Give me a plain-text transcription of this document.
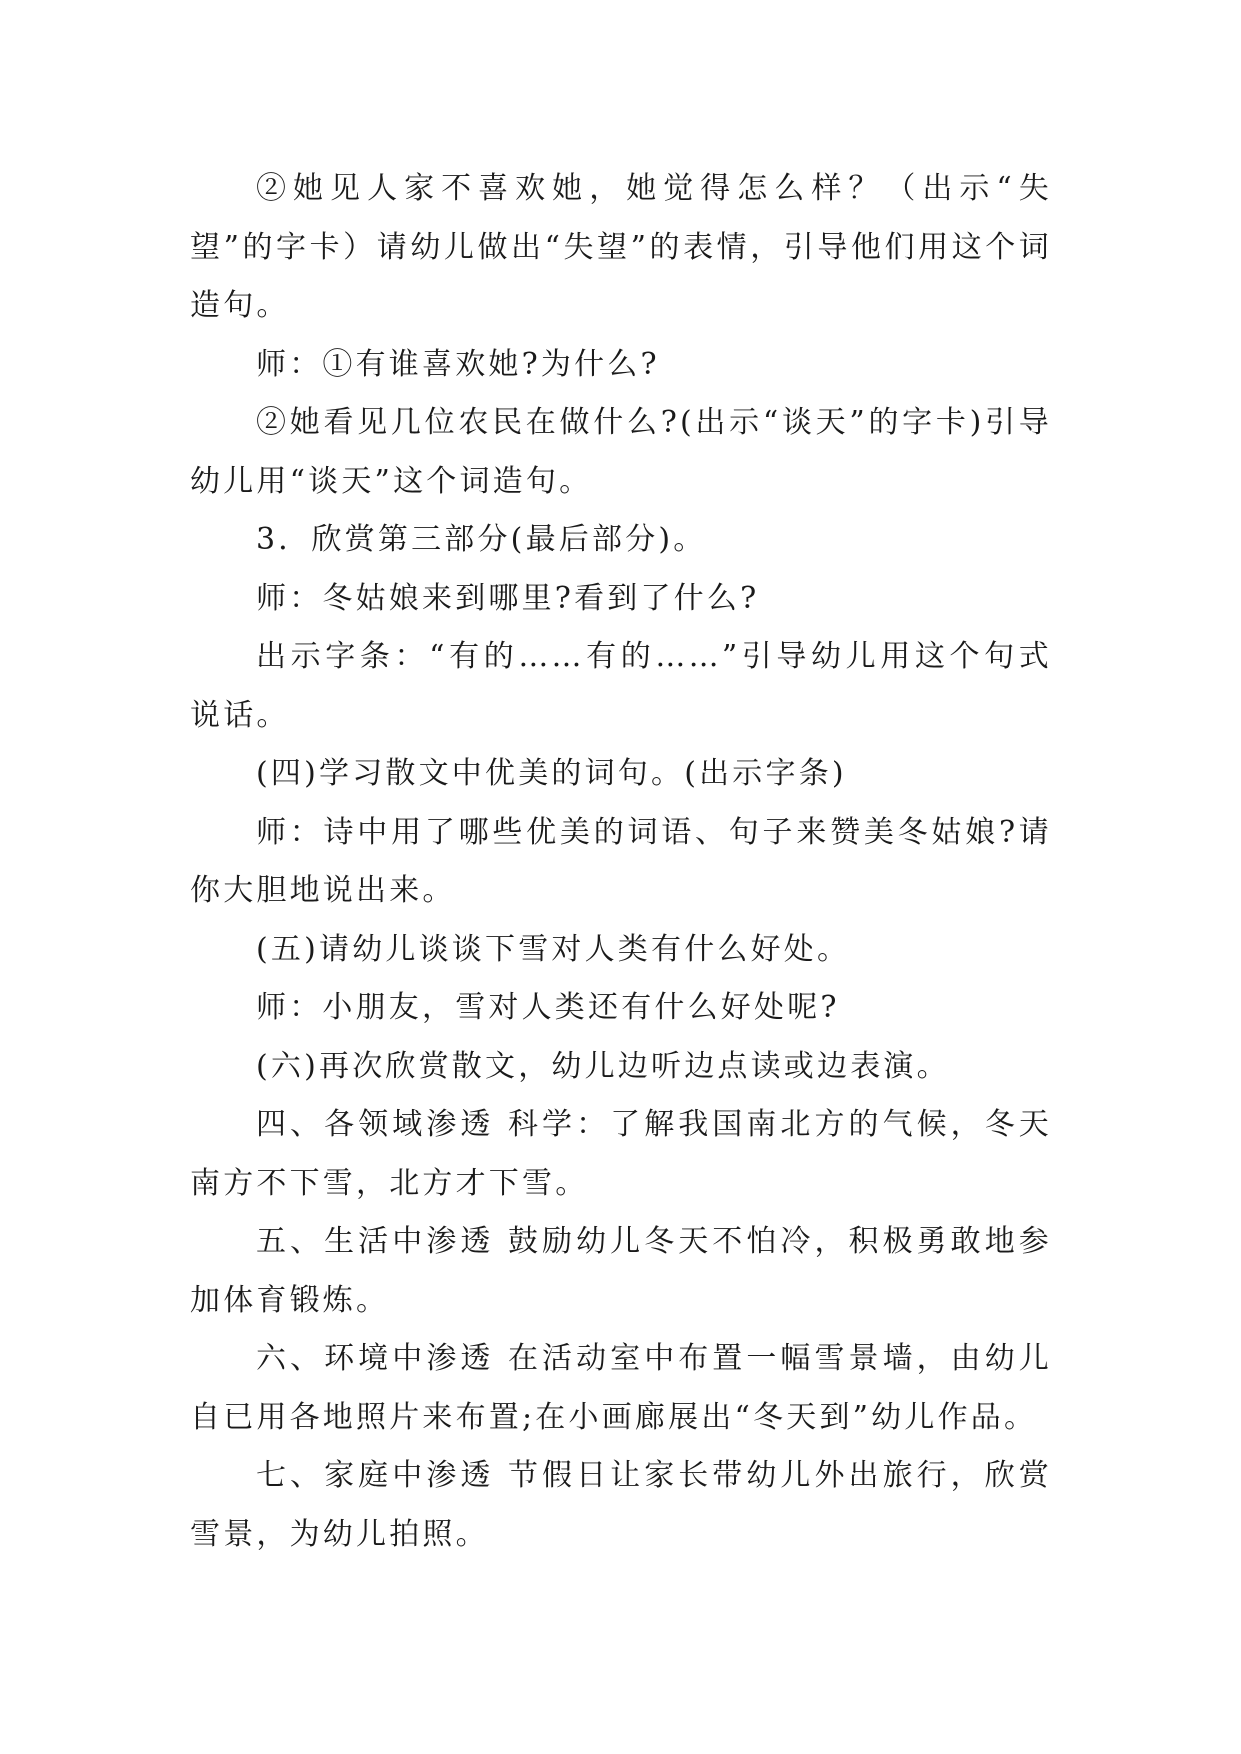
②她见人家不喜欢她，她觉得怎么样？（出示“失望”的字卡）请幼儿做出“失望”的表情，引导他们用这个词造句。

师：①有谁喜欢她?为什么?

②她看见几位农民在做什么?(出示“谈天”的字卡)引导幼儿用“谈天”这个词造句。

3．欣赏第三部分(最后部分)。

师：冬姑娘来到哪里?看到了什么?

出示字条：“有的……有的……”引导幼儿用这个句式说话。

(四)学习散文中优美的词句。(出示字条)

师：诗中用了哪些优美的词语、句子来赞美冬姑娘?请你大胆地说出来。

(五)请幼儿谈谈下雪对人类有什么好处。

师：小朋友，雪对人类还有什么好处呢?

(六)再次欣赏散文，幼儿边听边点读或边表演。

四、各领域渗透 科学：了解我国南北方的气候，冬天南方不下雪，北方才下雪。

五、生活中渗透 鼓励幼儿冬天不怕冷，积极勇敢地参加体育锻炼。

六、环境中渗透 在活动室中布置一幅雪景墙，由幼儿自已用各地照片来布置;在小画廊展出“冬天到”幼儿作品。

七、家庭中渗透 节假日让家长带幼儿外出旅行，欣赏雪景，为幼儿拍照。
